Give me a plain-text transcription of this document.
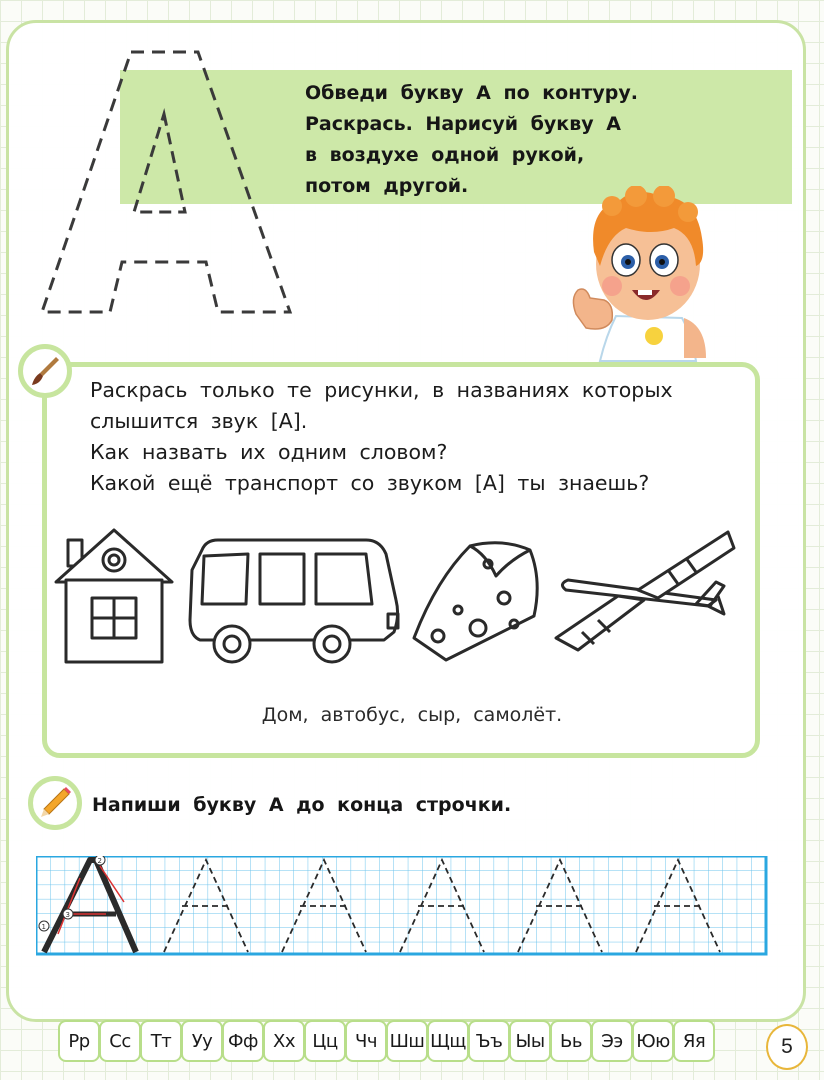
Обведи букву А по контуру.
Раскрась. Нарисуй букву А
в воздухе одной рукой,
потом другой.

Раскрась только те рисунки, в названиях которых

слышится звук [А].

Как назвать их одним словом?

Какой ещё транспорт со звуком [А] ты знаешь?

Дом, автобус, сыр, самолёт.
Напиши букву А до конца строчки.
1
2
3
Рр	Сс	Тт	Уу Фф Хх Цц Чч Шш Щщ Ъъ Ыы Ьь	Ээ Юю Яя	5
